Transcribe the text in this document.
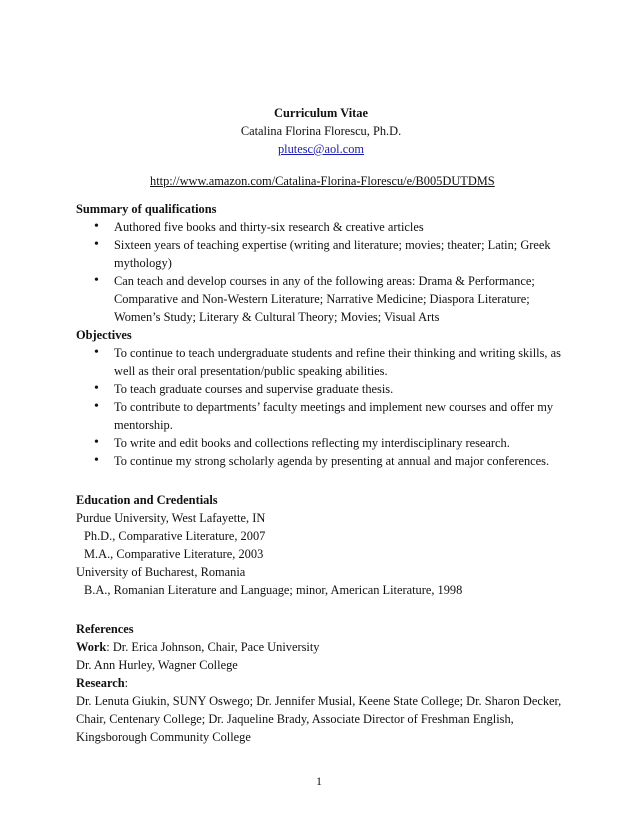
Curriculum Vitae
Catalina Florina Florescu, Ph.D.
plutesc@aol.com
http://www.amazon.com/Catalina-Florina-Florescu/e/B005DUTDMS
Summary of qualifications
• Authored five books and thirty-six research & creative articles
• Sixteen years of teaching expertise (writing and literature; movies; theater; Latin; Greek mythology)
• Can teach and develop courses in any of the following areas: Drama & Performance; Comparative and Non-Western Literature; Narrative Medicine; Diaspora Literature; Women’s Study; Literary & Cultural Theory; Movies; Visual Arts
Objectives
• To continue to teach undergraduate students and refine their thinking and writing skills, as well as their oral presentation/public speaking abilities.
• To teach graduate courses and supervise graduate thesis.
• To contribute to departments’ faculty meetings and implement new courses and offer my mentorship.
• To write and edit books and collections reflecting my interdisciplinary research.
• To continue my strong scholarly agenda by presenting at annual and major conferences.
Education and Credentials
Purdue University, West Lafayette, IN
Ph.D., Comparative Literature, 2007
M.A., Comparative Literature, 2003
University of Bucharest, Romania
B.A., Romanian Literature and Language; minor, American Literature, 1998
References
Work: Dr. Erica Johnson, Chair, Pace University
Dr. Ann Hurley, Wagner College
Research:
Dr. Lenuta Giukin, SUNY Oswego; Dr. Jennifer Musial, Keene State College; Dr. Sharon Decker, Chair, Centenary College; Dr. Jaqueline Brady, Associate Director of Freshman English, Kingsborough Community College
1
